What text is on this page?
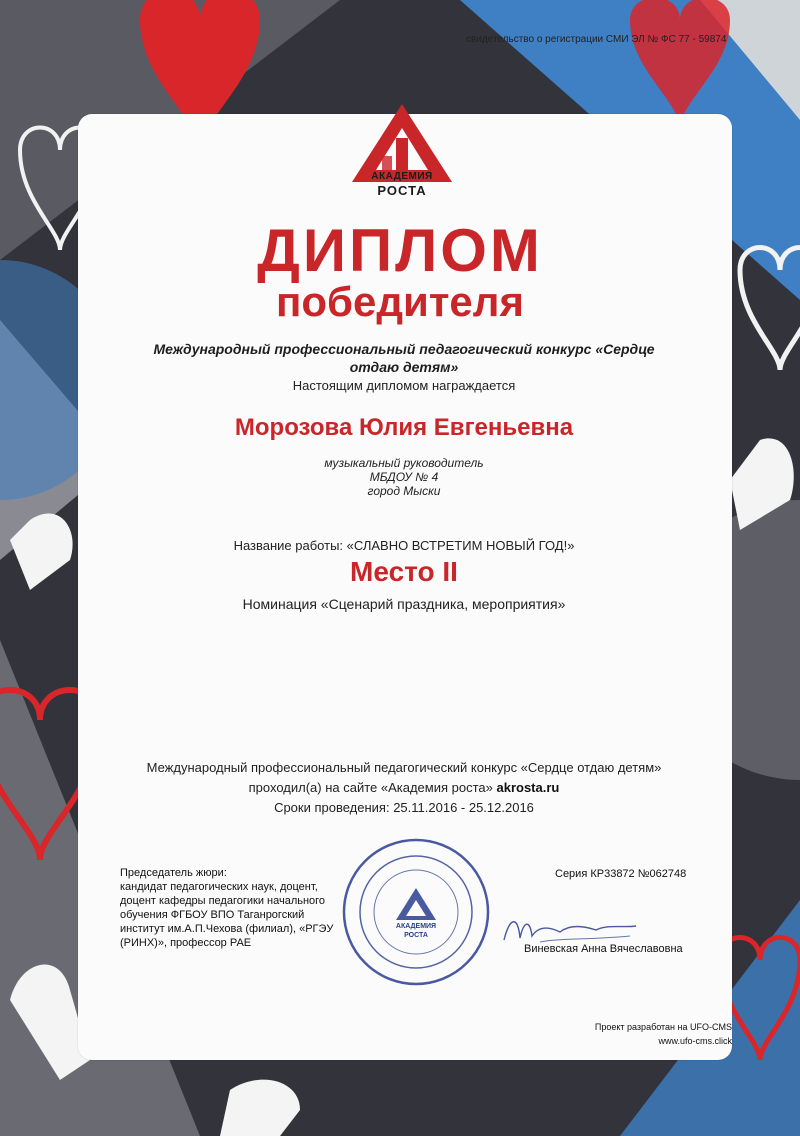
свидетельство о регистрации СМИ ЭЛ № ФС 77 - 59874
АКАДЕМИЯ
РОСТА
ДИПЛОМ
победителя
Международный профессиональный педагогический конкурс «Сердце отдаю детям»
Настоящим дипломом награждается
Морозова Юлия Евгеньевна
музыкальный руководитель
МБДОУ № 4
город Мыски
Название работы: «СЛАВНО ВСТРЕТИМ НОВЫЙ ГОД!»
Место II
Номинация «Сценарий праздника, мероприятия»
Международный профессиональный педагогический конкурс «Сердце отдаю детям»
проходил(а) на сайте «Академия роста» akrosta.ru
Сроки проведения: 25.11.2016 - 25.12.2016
Председатель жюри:
кандидат педагогических наук, доцент,
доцент кафедры педагогики начального
обучения ФГБОУ ВПО Таганрогский
институт им.А.П.Чехова (филиал), «РГЭУ
(РИНХ)», профессор РАЕ
АКАДЕМИЯ
РОСТА
Серия КР33872 №062748
Виневская Анна Вячеславовна
Проект разработан на UFO-CMS
www.ufo-cms.click
